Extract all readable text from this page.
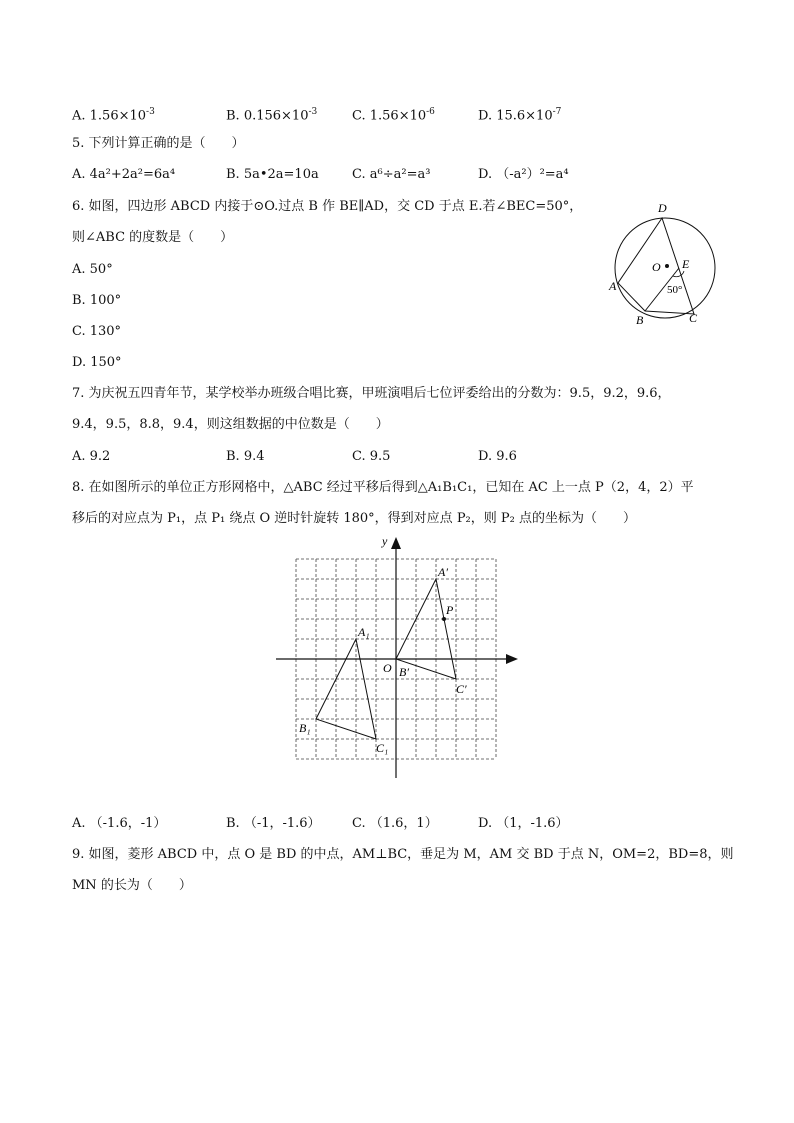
A. $1.56\times 10^{-3}$	B. $0.156\times 10^{-3}$	C. $1.56\times 10^{-6}$	D. $15.6\times 10^{-7}$
5. 下列计算正确的是（　　）
A. 4a²+2a²=6a⁴	B. 5a•2a=10a	C. a⁶÷a²=a³	D. （-a²）²=a⁴
6. 如图，四边形 ABCD 内接于⊙O.过点 B 作 BE∥AD，交 CD 于点 E.若∠BEC=50°，
则∠ABC 的度数是（　　）
A. 50°
B. 100°
C. 130°
D. 150°
D
O E
A
B	C
50°
7. 为庆祝五四青年节，某学校举办班级合唱比赛，甲班演唱后七位评委给出的分数为：9.5，9.2，9.6，
9.4，9.5，8.8，9.4，则这组数据的中位数是（　　）
A. 9.2	B. 9.4	C. 9.5	D. 9.6
8. 在如图所示的单位正方形网格中，△ABC 经过平移后得到△A₁B₁C₁，已知在 AC 上一点 P（2，4，2）平
移后的对应点为 P₁，点 P₁ 绕点 O 逆时针旋转 180°，得到对应点 P₂，则 P₂ 点的坐标为（　　）
y
A′
P
A₁
O B′
C′
B₁
C₁
A. （-1.6，-1）	B. （-1，-1.6） C. （1.6，1）	D. （1，-1.6）
9. 如图，菱形 ABCD 中，点 O 是 BD 的中点，AM⊥BC，垂足为 M，AM 交 BD 于点 N，OM=2，BD=8，则
MN 的长为（　　）
